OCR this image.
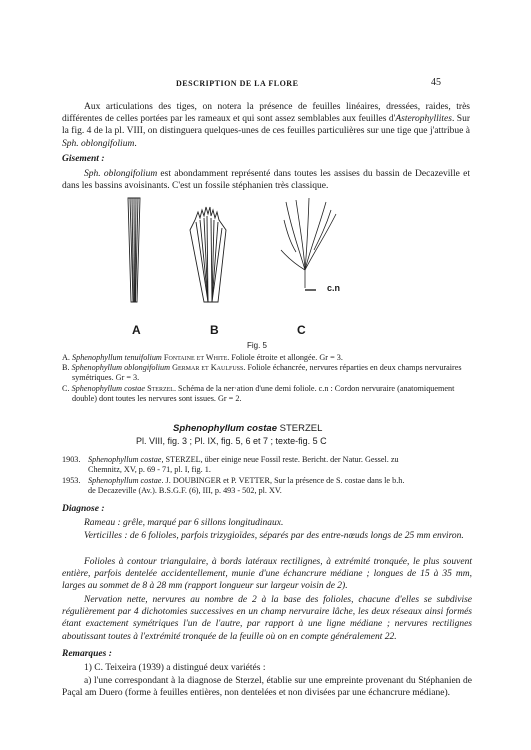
DESCRIPTION DE LA FLORE	45
Aux articulations des tiges, on notera la présence de feuilles linéaires, dressées, raides, très différentes de celles portées par les rameaux et qui sont assez semblables aux feuilles d'Asterophyllites. Sur la fig. 4 de la pl. VIII, on distinguera quelques-unes de ces feuilles particulières sur une tige que j'attribue à Sph. oblongifolium.
Gisement :
Sph. oblongifolium est abondamment représenté dans toutes les assises du bassin de Decazeville et dans les bassins avoisinants. C'est un fossile stéphanien très classique.
c.n
A	B	C
Fig. 5
A. Sphenophyllum tenuifolium Fontaine et White. Foliole étroite et allongée. Gr = 3.
B. Sphenophyllum oblongifolium Germar et Kaulfuss. Foliole échancrée, nervures réparties en deux champs nervuraires symétriques. Gr = 3.
C. Sphenophyllum costae Sterzel. Schéma de la ner·ation d'une demi foliole. c.n : Cordon nervuraire (anatomiquement double) dont toutes les nervures sont issues. Gr = 2.
Sphenophyllum costae STERZEL
Pl. VIII, fig. 3 ; Pl. IX, fig. 5, 6 et 7 ; texte-fig. 5 C
1903. Sphenophyllum costae, STERZEL, über einige neue Fossil reste. Bericht. der Natur. Gessel. zu
Chemnitz, XV, p. 69 - 71, pl. I, fig. 1.
1953. Sphenophyllum costae. J. DOUBINGER et P. VETTER, Sur la présence de S. costae dans le b.h.
de Decazeville (Av.). B.S.G.F. (6), III, p. 493 - 502, pl. XV.
Diagnose :
Rameau : grêle, marqué par 6 sillons longitudinaux.
Verticilles : de 6 folioles, parfois trizygioïdes, séparés par des entre-nœuds longs de 25 mm environ.
Folioles à contour triangulaire, à bords latéraux rectilignes, à extrémité tronquée, le plus souvent entière, parfois dentelée accidentellement, munie d'une échancrure médiane ; longues de 15 à 35 mm, larges au sommet de 8 à 28 mm (rapport longueur sur largeur voisin de 2).
Nervation nette, nervures au nombre de 2 à la base des folioles, chacune d'elles se subdivise régulièrement par 4 dichotomies successives en un champ nervuraire lâche, les deux réseaux ainsi formés étant exactement symétriques l'un de l'autre, par rapport à une ligne médiane ; nervures rectilignes aboutissant toutes à l'extrémité tronquée de la feuille où on en compte généralement 22.
Remarques :
1) C. Teixeira (1939) a distingué deux variétés :
a) l'une correspondant à la diagnose de Sterzel, établie sur une empreinte provenant du Stéphanien de Paçal am Duero (forme à feuilles entières, non dentelées et non divisées par une échancrure médiane).
